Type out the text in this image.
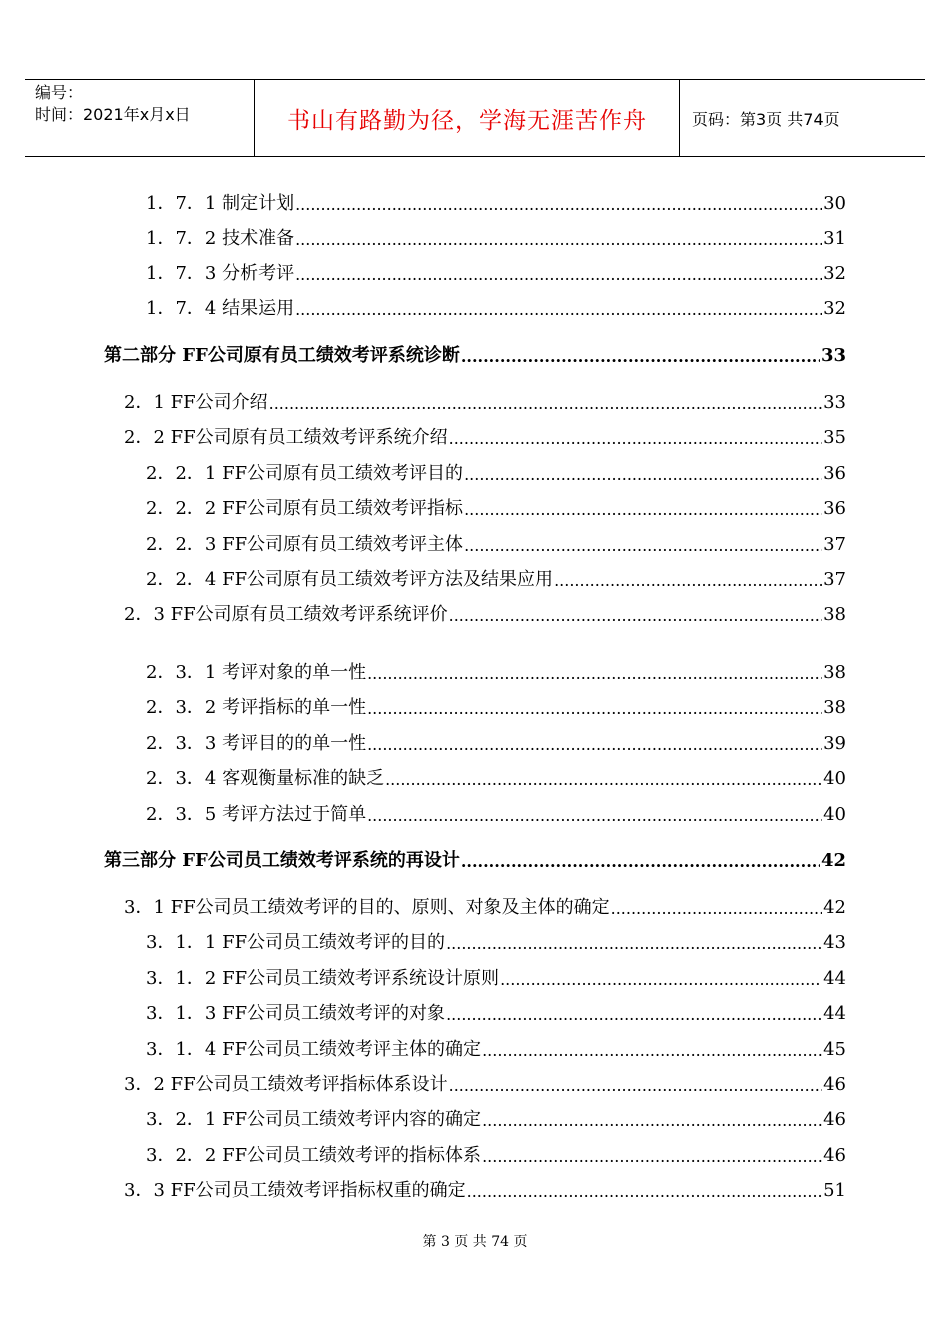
编号：
时间：2021年x月x日	书山有路勤为径，学海无涯苦作舟	页码：第3页 共74页
1．7．1 制定计划 .....	30
1．7．2 技术准备 .....	31
1．7．3 分析考评 .....	32
1．7．4 结果运用 .....	32
第二部分 FF公司原有员工绩效考评系统诊断 .....	33
2．1 FF公司介绍 .....	33
2．2 FF公司原有员工绩效考评系统介绍 .....	35
2．2．1 FF公司原有员工绩效考评目的 .....	36
2．2．2 FF公司原有员工绩效考评指标 .....	36
2．2．3 FF公司原有员工绩效考评主体 .....	37
2．2．4 FF公司原有员工绩效考评方法及结果应用 .....	37
2．3 FF公司原有员工绩效考评系统评价 .....	38
2．3．1 考评对象的单一性 .....	38
2．3．2 考评指标的单一性 .....	38
2．3．3 考评目的的单一性 .....	39
2．3．4 客观衡量标准的缺乏 .....	40
2．3．5 考评方法过于简单 .....	40
第三部分 FF公司员工绩效考评系统的再设计 .....	42
3．1 FF公司员工绩效考评的目的、原则、对象及主体的确定 .....	42
3．1．1 FF公司员工绩效考评的目的 .....	43
3．1．2 FF公司员工绩效考评系统设计原则 .....	44
3．1．3 FF公司员工绩效考评的对象 .....	44
3．1．4 FF公司员工绩效考评主体的确定 .....	45
3．2 FF公司员工绩效考评指标体系设计 .....	46
3．2．1 FF公司员工绩效考评内容的确定 .....	46
3．2．2 FF公司员工绩效考评的指标体系 .....	46
3．3 FF公司员工绩效考评指标权重的确定 .....	51
第 3 页 共 74 页
